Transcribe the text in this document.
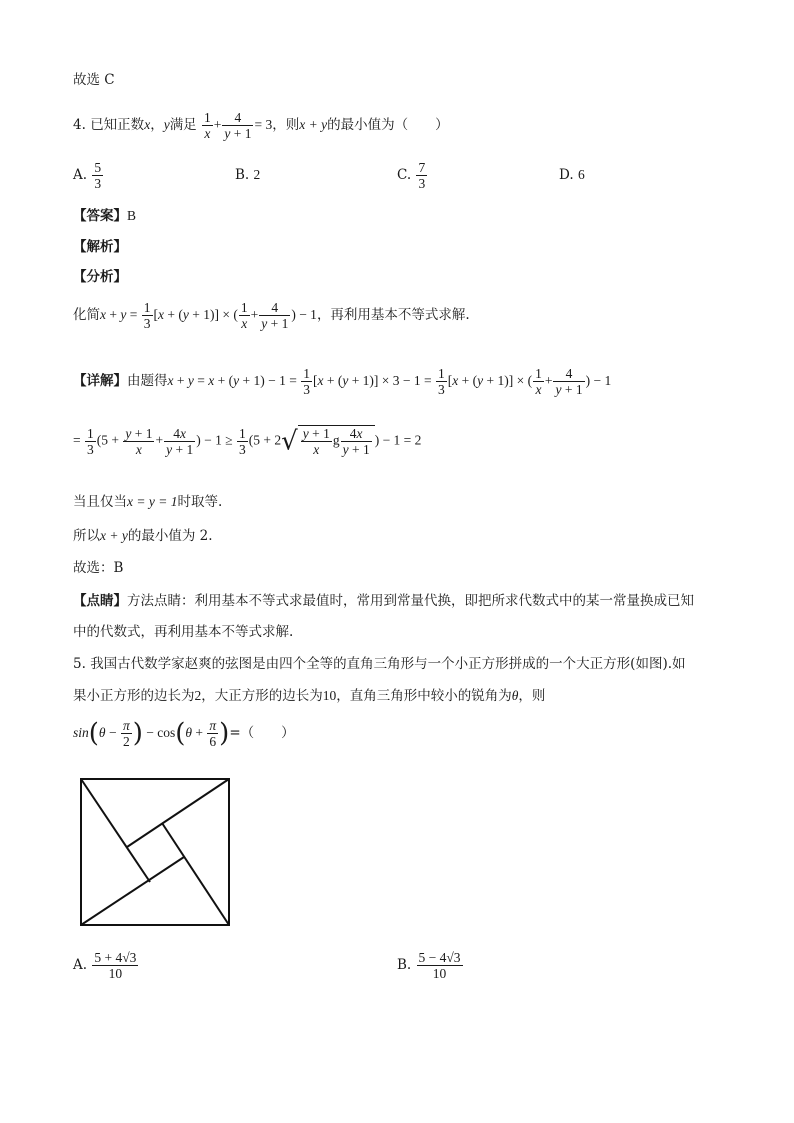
故选 C
4. 已知正数x，y满足 $\frac{1}{x} + \frac{4}{y + 1} = 3$，则x + y的最小值为（　　）
A. $\frac{5}{3}$	B. 2	C. $\frac{7}{3}$	D. 6
【答案】B
【解析】
【分析】
化简$x + y = \frac{1}{3} [x + (y + 1)]$ × ( $\frac{1}{x} + \frac{4}{y + 1}$ ) − 1，再利用基本不等式求解.
【详解】由题得$x + y = x + (y + 1) - 1 = \frac{1}{3} [x + (y + 1)] \times 3 - 1 = \frac{1}{3} [x + (y + 1)]$ × ( $\frac{1}{x} + \frac{4}{y + 1}$ ) − 1
= $\frac{1}{3} (5 + \frac{y + 1}{x} + \frac{4x}{y + 1}$ ) − $1 \ge \frac{1}{3} (5 + 2√ \frac{y + 1}{x}$ g $\frac{4x}{y + 1}$ ) − 1 = 2
当且仅当x = y = 1时取等.
所以x + y的最小值为 2.
故选：B
【点睛】方法点睛：利用基本不等式求最值时，常用到常量代换，即把所求代数式中的某一常量换成已知
中的代数式，再利用基本不等式求解.
5. 我国古代数学家赵爽的弦图是由四个全等的直角三角形与一个小正方形拼成的一个大正方形(如图).如
果小正方形的边长为2，大正方形的边长为10，直角三角形中较小的锐角为θ，则
$\sin(\theta - \frac{\pi}{2}$ ) − $\cos(\theta + \frac{\pi}{6}$ )=（　　）
A. $\frac{5 + 4√3}{10}$	B. $\frac{5 - 4√3}{10}$
